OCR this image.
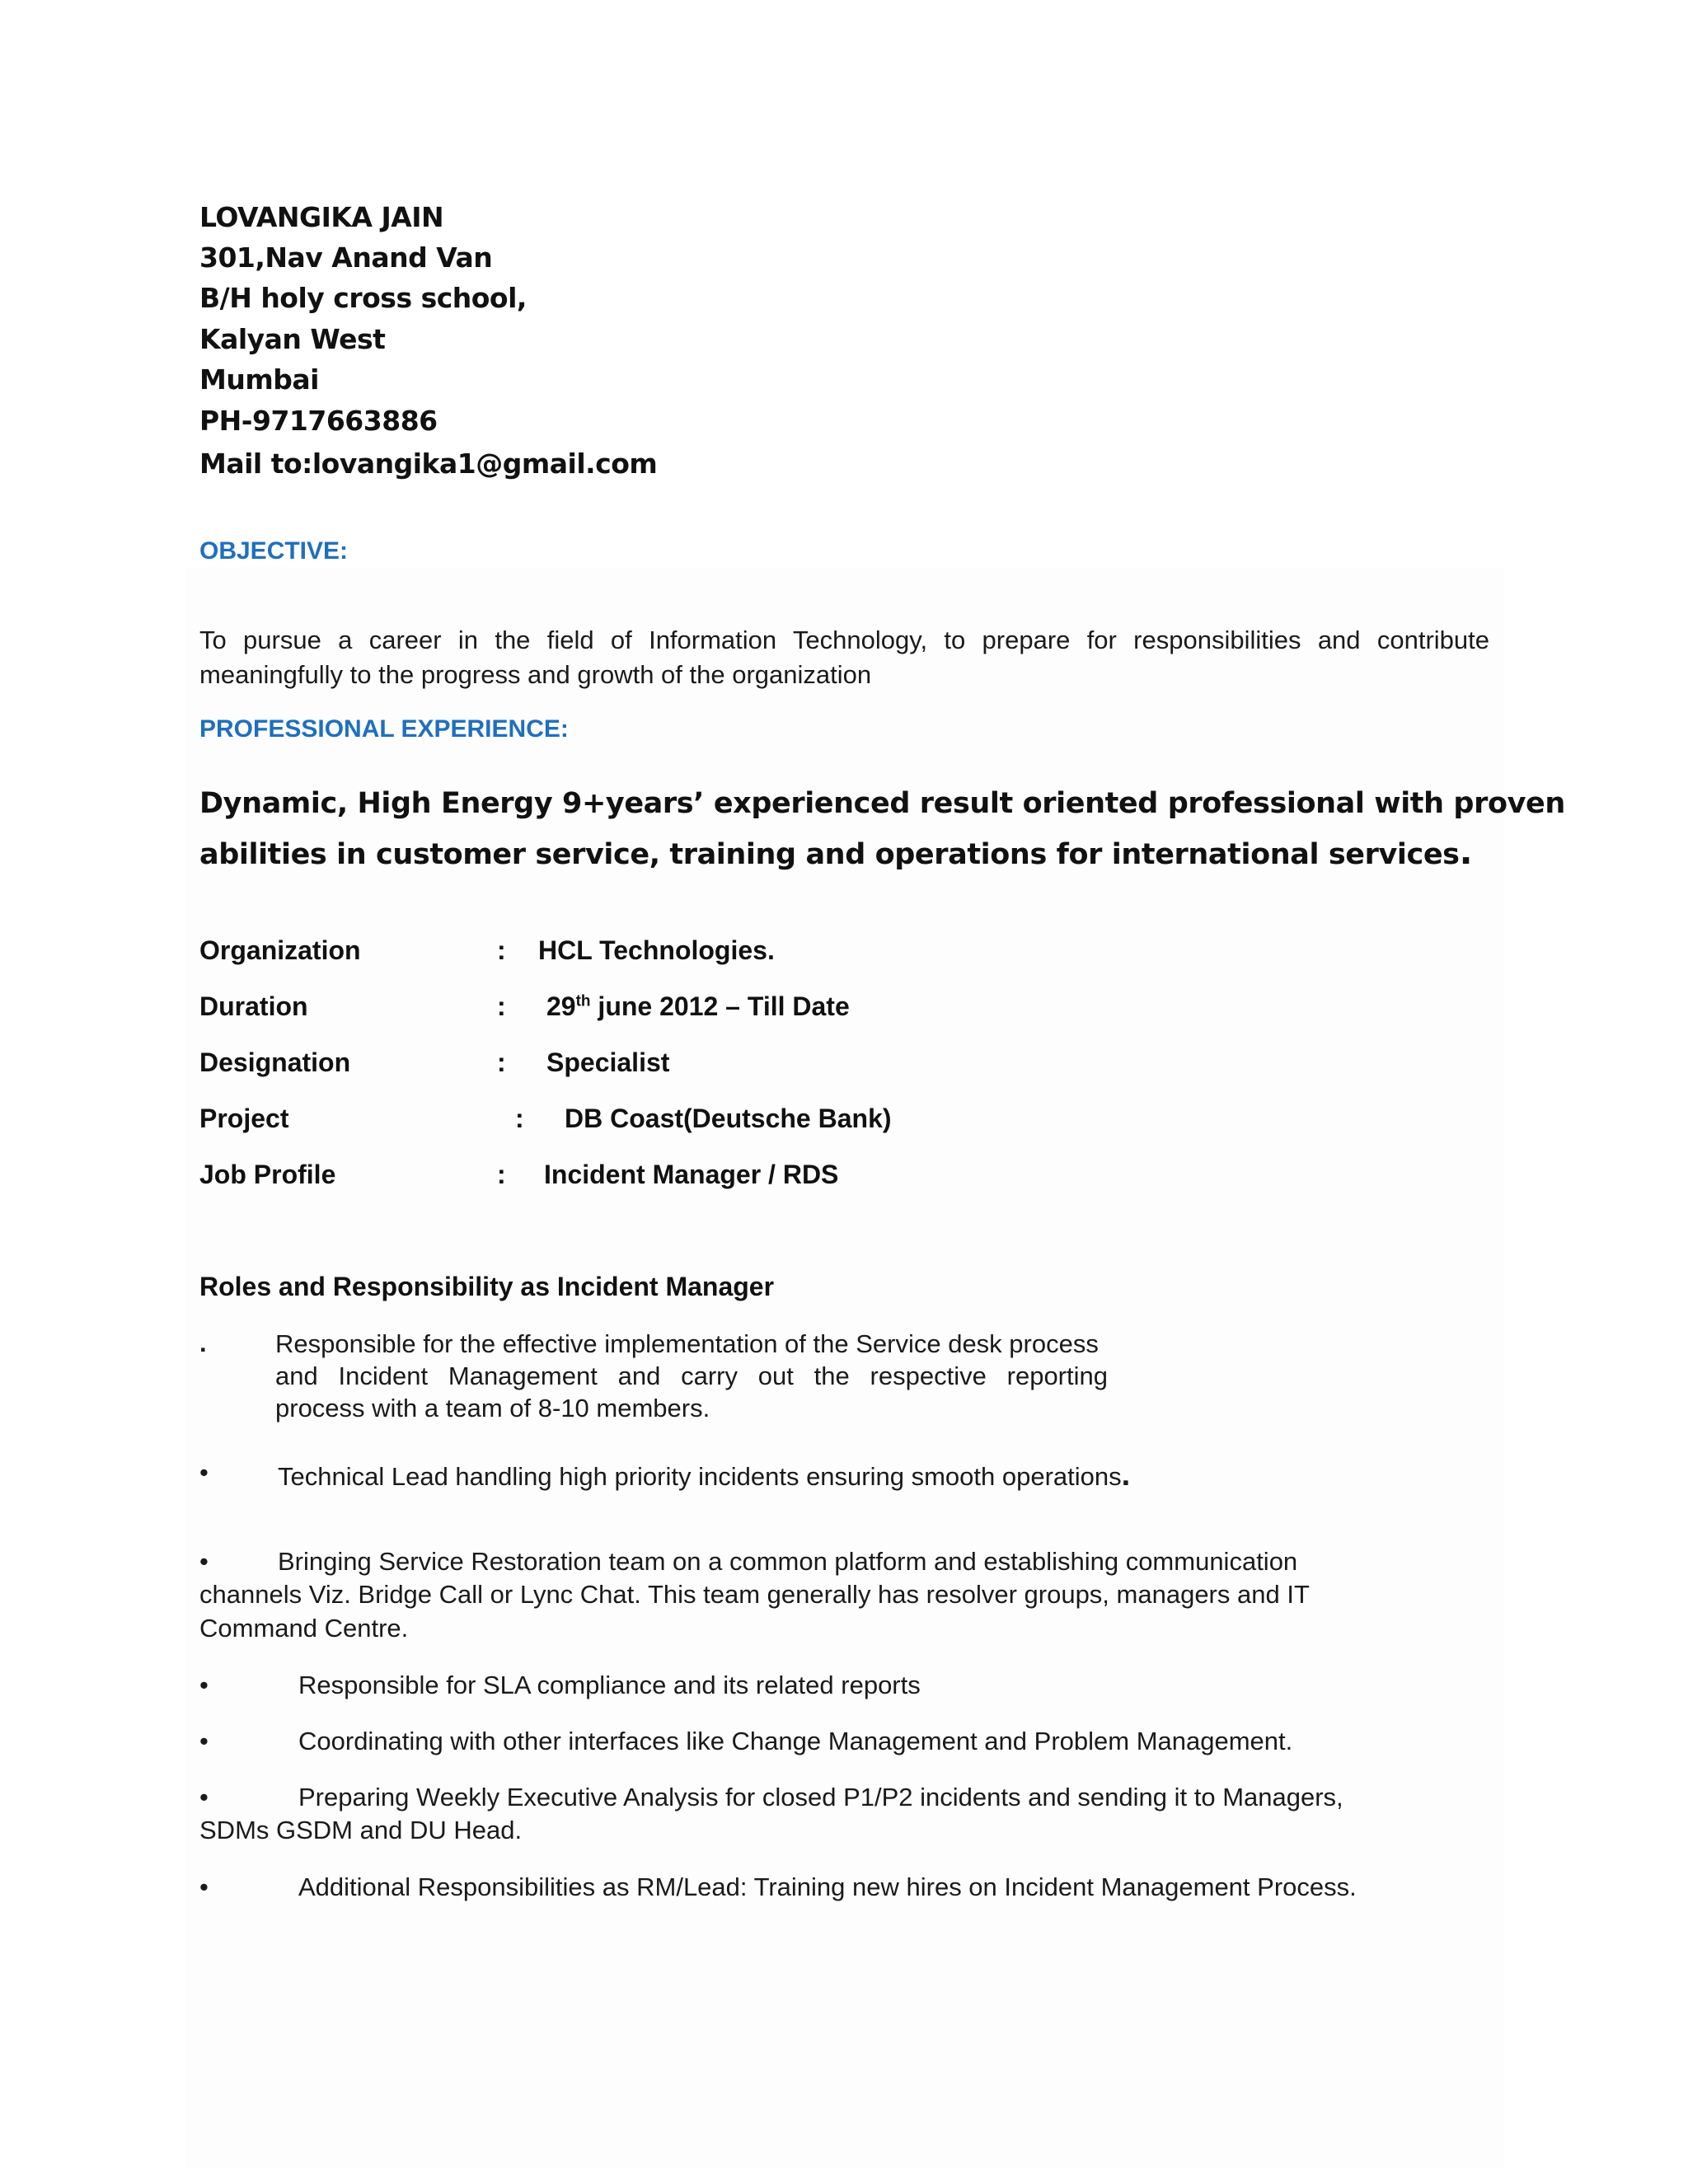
LOVANGIKA JAIN
301,Nav Anand Van
B/H holy cross school,
Kalyan West
Mumbai
PH-9717663886
Mail to:lovangika1@gmail.com
OBJECTIVE:
To pursue a career in the field of Information Technology, to prepare for responsibilities and contribute
meaningfully to the progress and growth of the organization
PROFESSIONAL EXPERIENCE:
Dynamic, High Energy 9+years’ experienced result oriented professional with proven
abilities in customer service, training and operations for international services.
Organization	: HCL Technologies.
Duration	: 29th june 2012 – Till Date
Designation	: Specialist
Project	: DB Coast(Deutsche Bank)
Job Profile	: Incident Manager / RDS
Roles and Responsibility as Incident Manager
.	Responsible for the effective implementation of the Service desk process
and Incident Management and carry out the respective reporting
process with a team of 8-10 members.
•	Technical Lead handling high priority incidents ensuring smooth operations.
•	Bringing Service Restoration team on a common platform and establishing communication
channels Viz. Bridge Call or Lync Chat. This team generally has resolver groups, managers and IT
Command Centre.
•	Responsible for SLA compliance and its related reports
•	Coordinating with other interfaces like Change Management and Problem Management.
•	Preparing Weekly Executive Analysis for closed P1/P2 incidents and sending it to Managers,
SDMs GSDM and DU Head.
•	Additional Responsibilities as RM/Lead: Training new hires on Incident Management Process.
